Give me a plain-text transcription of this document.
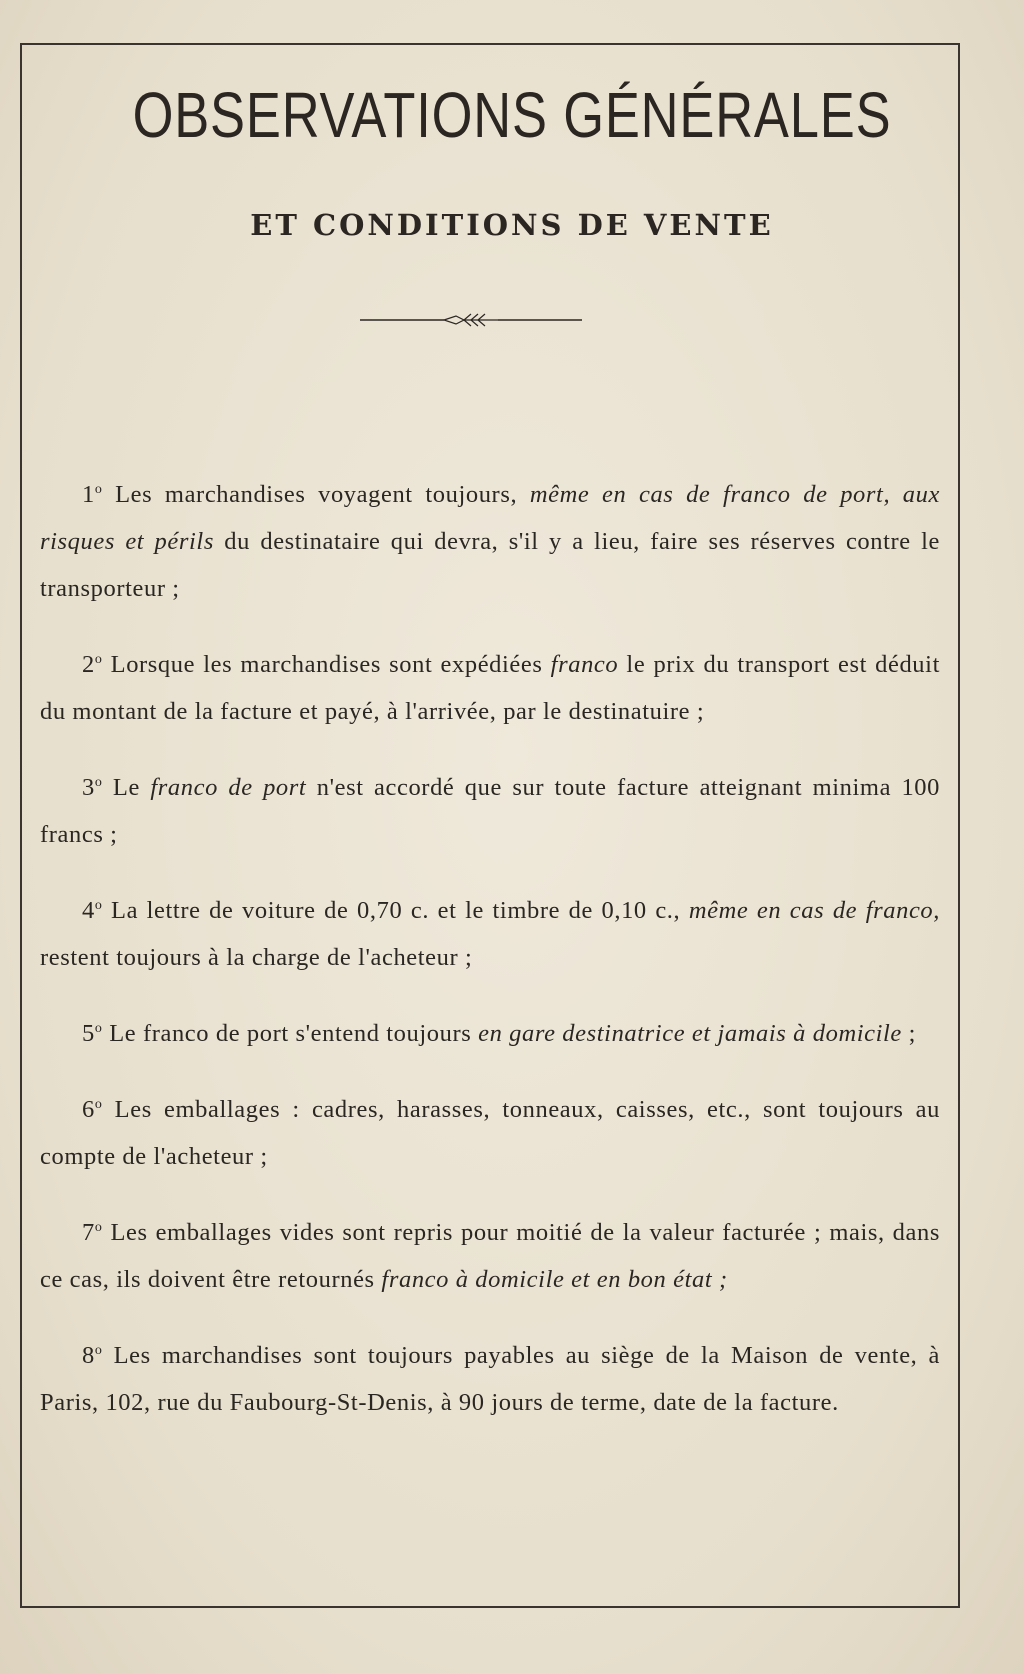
OBSERVATIONS GÉNÉRALES
ET CONDITIONS DE VENTE

1$^o$ Les marchandises voyagent toujours, même en cas de franco de port, aux risques et périls du destinataire qui devra, s'il y a lieu, faire ses réserves contre le transporteur ;

2$^o$ Lorsque les marchandises sont expédiées franco le prix du transport est déduit du montant de la facture et payé, à l'arrivée, par le destinatuire ;

3$^o$ Le franco de port n'est accordé que sur toute facture atteignant minima 100 francs ;

4$^o$ La lettre de voiture de 0,70 c. et le timbre de 0,10 c., même en cas de franco, restent toujours à la charge de l'acheteur ;

5$^o$ Le franco de port s'entend toujours en gare destinatrice et jamais à domicile ;

6$^o$ Les emballages : cadres, harasses, tonneaux, caisses, etc., sont toujours au compte de l'acheteur ;

7$^o$ Les emballages vides sont repris pour moitié de la valeur facturée ; mais, dans ce cas, ils doivent être retournés franco à domicile et en bon état ;

8$^o$ Les marchandises sont toujours payables au siège de la Maison de vente, à Paris, 102, rue du Faubourg-St-Denis, à 90 jours de terme, date de la facture.
